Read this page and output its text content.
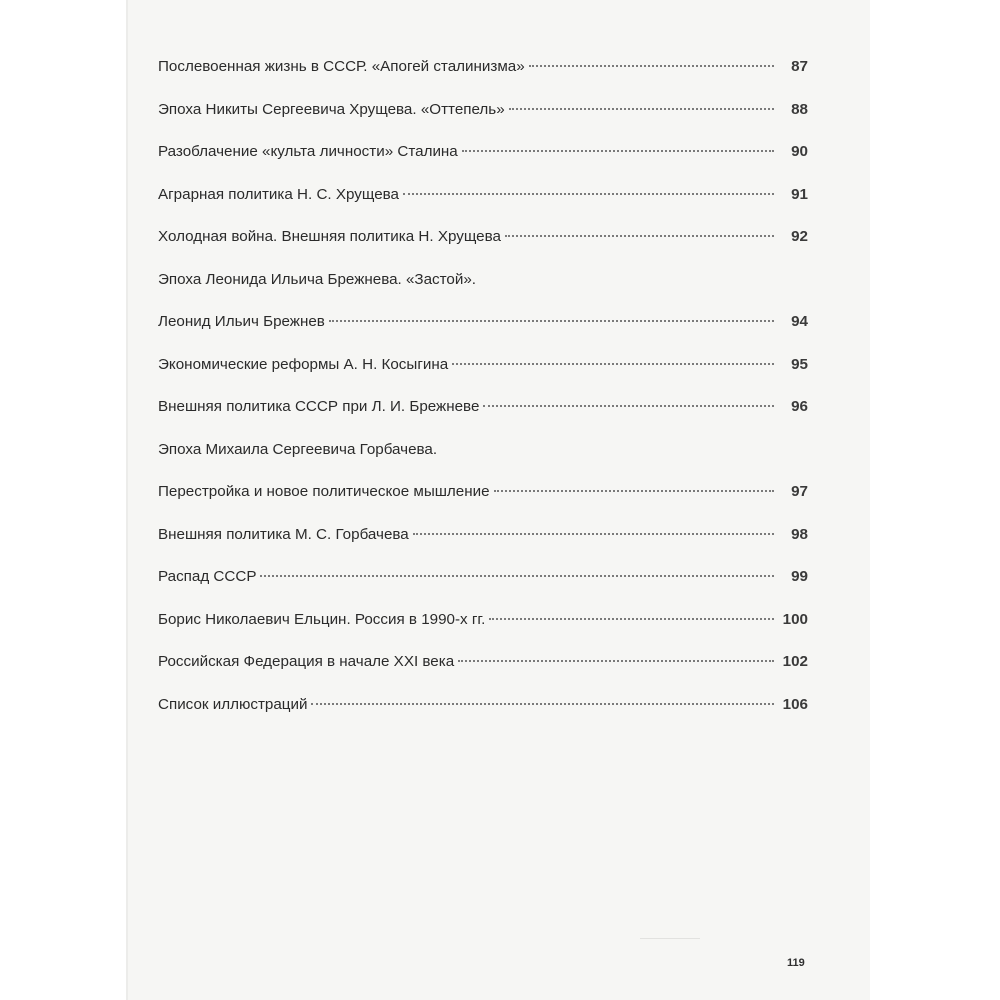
Послевоенная жизнь в СССР. «Апогей сталинизма»	87
Эпоха Никиты Сергеевича Хрущева. «Оттепель»	88
Разоблачение «культа личности» Сталина	90
Аграрная политика Н. С. Хрущева	91
Холодная война. Внешняя политика Н. Хрущева	92
Эпоха Леонида Ильича Брежнева. «Застой».
Леонид Ильич Брежнев	94
Экономические реформы А. Н. Косыгина	95
Внешняя политика СССР при Л. И. Брежневе	96
Эпоха Михаила Сергеевича Горбачева.
Перестройка и новое политическое мышление	97
Внешняя политика М. С. Горбачева	98
Распад СССР	99
Борис Николаевич Ельцин. Россия в 1990-х гг.	100
Российская Федерация в начале XXI века	102
Список иллюстраций	106
119
